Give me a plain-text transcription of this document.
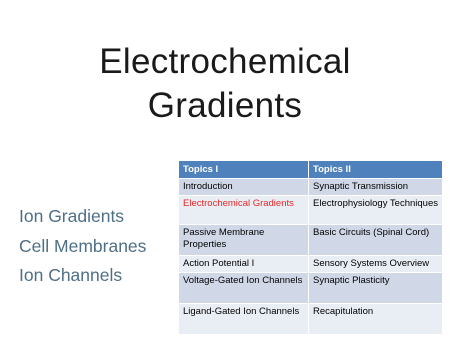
Electrochemical
Gradients
Ion Gradients
Cell Membranes
Ion Channels
Topics I	Topics II
Introduction	Synaptic Transmission
Electrochemical Gradients	Electrophysiology Techniques
Passive Membrane Properties	Basic Circuits (Spinal Cord)
Action Potential I	Sensory Systems Overview
Voltage-Gated Ion Channels	Synaptic Plasticity
Ligand-Gated Ion Channels	Recapitulation
